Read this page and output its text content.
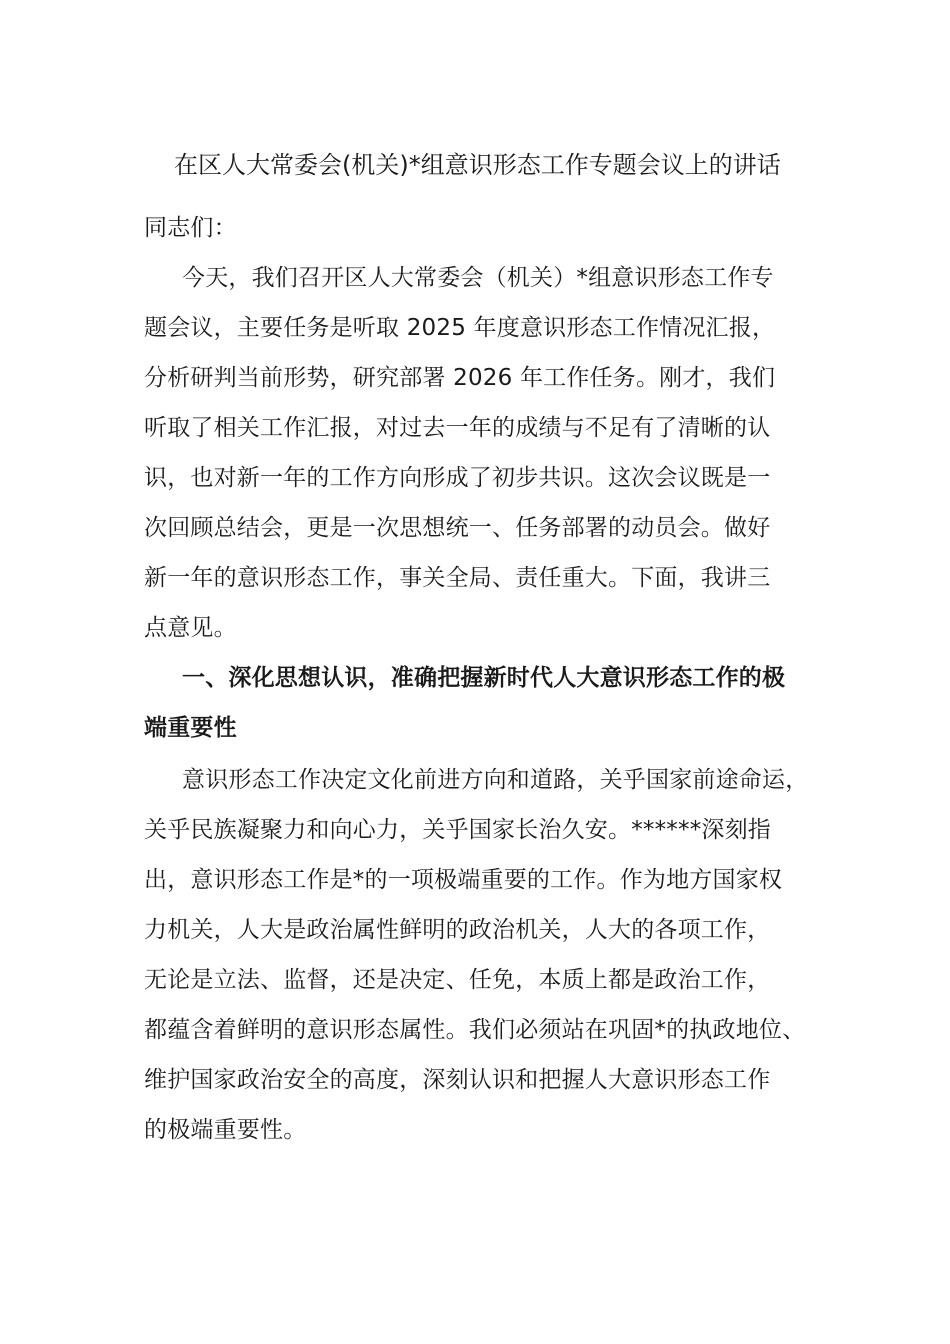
在区人大常委会(机关)*组意识形态工作专题会议上的讲话
同志们：
今天，我们召开区人大常委会（机关）*组意识形态工作专
题会议，主要任务是听取 2025 年度意识形态工作情况汇报，
分析研判当前形势，研究部署 2026 年工作任务。刚才，我们
听取了相关工作汇报，对过去一年的成绩与不足有了清晰的认
识，也对新一年的工作方向形成了初步共识。这次会议既是一
次回顾总结会，更是一次思想统一、任务部署的动员会。做好
新一年的意识形态工作，事关全局、责任重大。下面，我讲三
点意见。
一、深化思想认识，准确把握新时代人大意识形态工作的极
端重要性
意识形态工作决定文化前进方向和道路，关乎国家前途命运，
关乎民族凝聚力和向心力，关乎国家长治久安。******深刻指
出，意识形态工作是*的一项极端重要的工作。作为地方国家权
力机关，人大是政治属性鲜明的政治机关，人大的各项工作，
无论是立法、监督，还是决定、任免，本质上都是政治工作，
都蕴含着鲜明的意识形态属性。我们必须站在巩固*的执政地位、
维护国家政治安全的高度，深刻认识和把握人大意识形态工作
的极端重要性。
